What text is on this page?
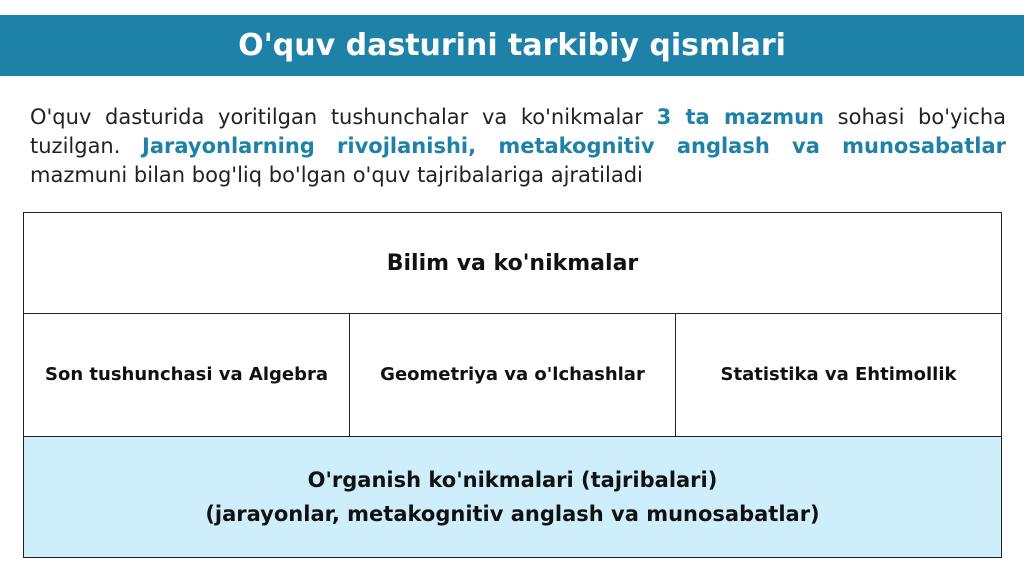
O'quv dasturini tarkibiy qismlari
O'quv dasturida yoritilgan tushunchalar va ko'nikmalar 3 ta mazmun sohasi bo'yicha tuzilgan. Jarayonlarning rivojlanishi, metakognitiv anglash va munosabatlar mazmuni bilan bog'liq bo'lgan o'quv tajribalariga ajratiladi
Bilim va ko'nikmalar
Son tushunchasi va Algebra	Geometriya va o'lchashlar	Statistika va Ehtimollik
O'rganish ko'nikmalari (tajribalari)
(jarayonlar, metakognitiv anglash va munosabatlar)
